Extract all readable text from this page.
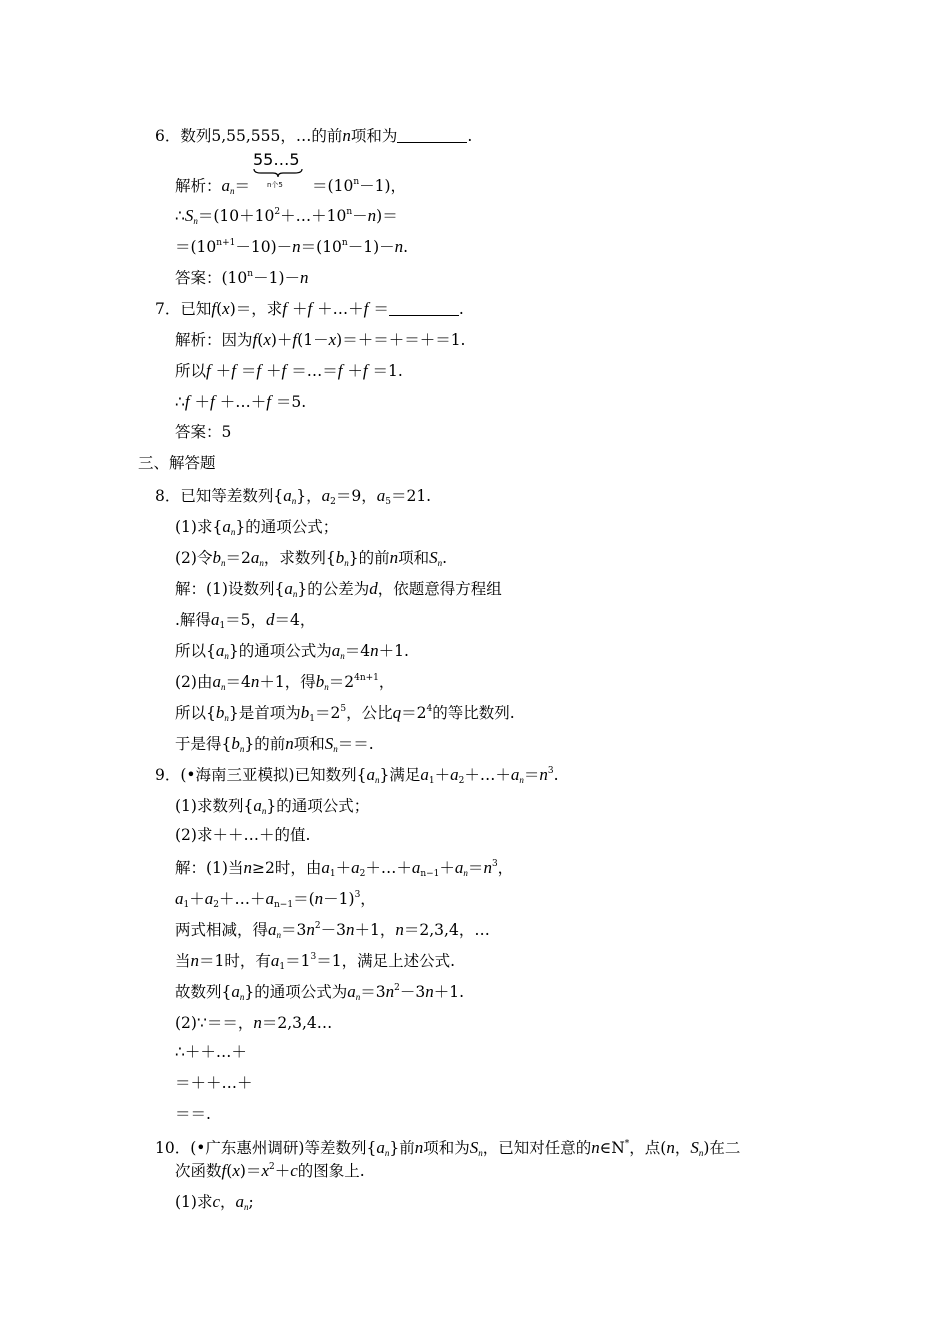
6．数列5,55,555，…的前n项和为	.
55…5
n个5
解析：$a_n=$	$=(10^n-1)$，
$\therefore S_n=(10+10^2+\dots+10^n-n)=$
$=(10^{n+1}-10)-n=(10^n-1)-n$.
答案：$(10^n-1)-n$
7．已知f(x)＝，求f ＋f ＋…＋f ＝	.
解析：因为f(x)＋f(1－x)＝＋＝＋＝＋＝1.
所以f ＋f ＝f ＋f ＝…＝f ＋f ＝1.
∴f ＋f ＋…＋f ＝5.
答案：5
三、解答题
8．已知等差数列$\{a_n\}$，$a_2=9$，$a_5=21$.
(1)求$\{a_n\}$的通项公式；
(2)令$b_n=2a_n$，求数列$\{b_n\}$的前n项和$S_n$.
解：(1)设数列$\{a_n\}$的公差为d，依题意得方程组
.解得$a_1=5$，d＝4，
所以$\{a_n\}$的通项公式为$a_n=4n+1$.
(2)由$a_n=4n+1$，得$b_n=2^{4n+1}$，
所以$\{b_n\}$是首项为$b_1=2^5$，公比$q=2^4$的等比数列.
于是得$\{b_n\}$的前n项和$S_n==$.
9．(•海南三亚模拟)已知数列$\{a_n\}$满足$a_1+a_2+\dots+a_n=n^3$.
(1)求数列$\{a_n\}$的通项公式；
(2)求＋＋…＋的值.
解：(1)当n≥2时，由$a_1+a_2+\dots+a_{n-1}+a_n=n^3$，
$a_1+a_2+\dots+a_{n-1}=(n-1)^3$，
两式相减，得$a_n=3n^2-3n+1$，n＝2,3,4，…
当n＝1时，有$a_1=1^3=1$，满足上述公式.
故数列$\{a_n\}$的通项公式为$a_n=3n^2-3n+1$.
(2)∵＝＝，n＝2,3,4…
∴＋＋…＋
＝＋＋…＋
＝＝.
10．(•广东惠州调研)等差数列$\{a_n\}$前n项和为$S_n$，已知对任意的n∈N*，点(n，$S_n$)在二
次函数$f(x)=x^2+c$的图象上.
(1)求c，$a_n$;
